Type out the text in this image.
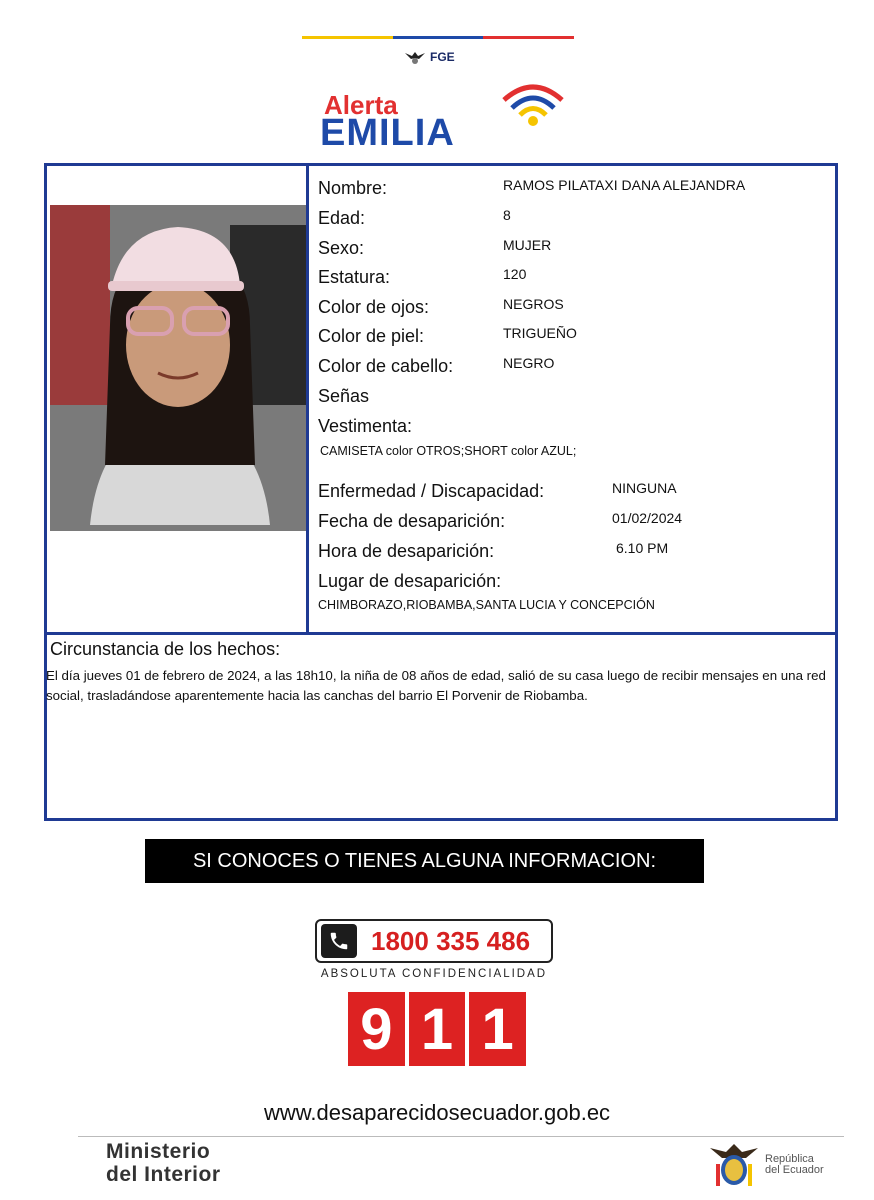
FGE
Alerta
EMILIA
Nombre:	RAMOS PILATAXI DANA ALEJANDRA
Edad:	8
Sexo:	MUJER
Estatura:	120
Color de ojos:	NEGROS
Color de piel:	TRIGUEÑO
Color de cabello:	NEGRO
Señas
Vestimenta:
CAMISETA color OTROS;SHORT color AZUL;
Enfermedad / Discapacidad:	NINGUNA
Fecha de desaparición:	01/02/2024
Hora de desaparición:	6.10 PM
Lugar de desaparición:
CHIMBORAZO,RIOBAMBA,SANTA LUCIA Y CONCEPCIÓN
Circunstancia de los hechos:
El día jueves 01 de febrero de 2024, a las 18h10, la niña de 08 años de edad, salió de su casa luego de recibir mensajes en una red social, trasladándose aparentemente hacia las canchas del barrio El Porvenir de Riobamba.
SI CONOCES O TIENES ALGUNA INFORMACION:
1800 335 486
ABSOLUTA CONFIDENCIALIDAD
9 1 1
www.desaparecidosecuador.gob.ec
Ministerio
del Interior
República
del Ecuador
